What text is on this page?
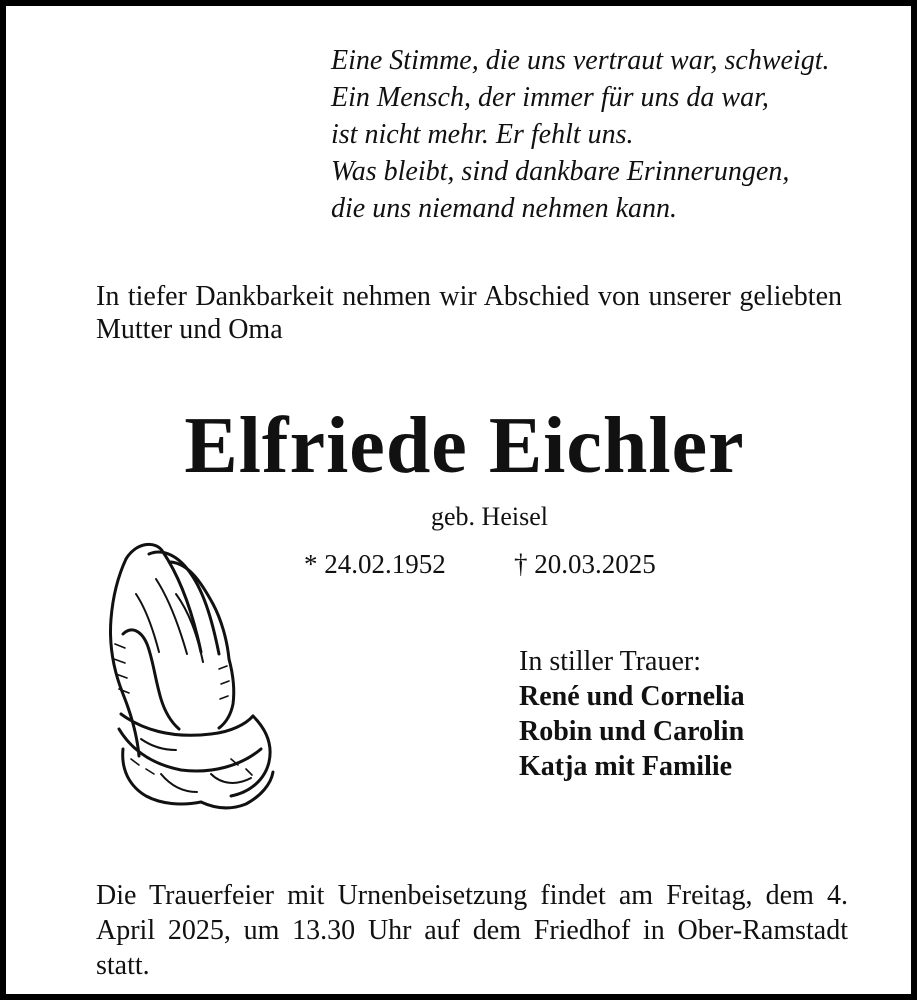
Eine Stimme, die uns vertraut war, schweigt.
Ein Mensch, der immer für uns da war,
ist nicht mehr. Er fehlt uns.
Was bleibt, sind dankbare Erinnerungen,
die uns niemand nehmen kann.
In tiefer Dankbarkeit nehmen wir Abschied von unserer geliebten Mutter und Oma
Elfriede Eichler
geb. Heisel
* 24.02.1952	† 20.03.2025
In stiller Trauer:
René und Cornelia
Robin und Carolin
Katja mit Familie
Die Trauerfeier mit Urnenbeisetzung findet am Freitag, dem 4. April 2025, um 13.30 Uhr auf dem Friedhof in Ober-Ramstadt statt.
